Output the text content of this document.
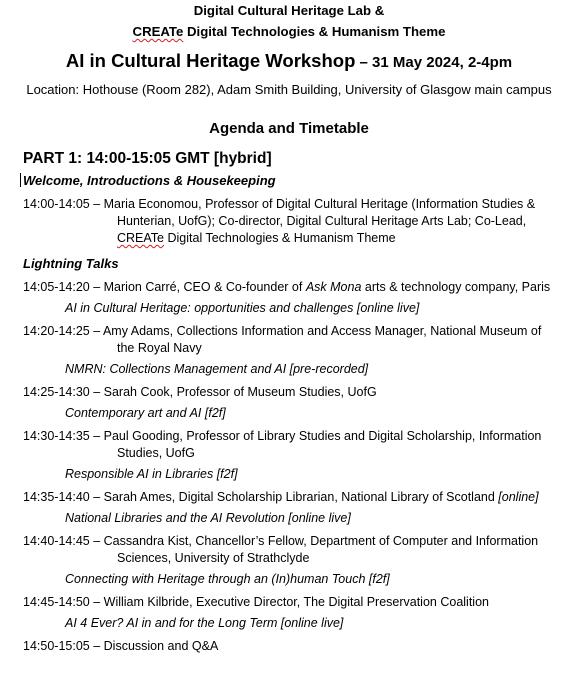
Digital Cultural Heritage Lab &
CREATe Digital Technologies & Humanism Theme
AI in Cultural Heritage Workshop – 31 May 2024, 2-4pm
Location: Hothouse (Room 282), Adam Smith Building, University of Glasgow main campus
Agenda and Timetable
PART 1: 14:00-15:05 GMT [hybrid]
Welcome, Introductions & Housekeeping
14:00-14:05 – Maria Economou, Professor of Digital Cultural Heritage (Information Studies & Hunterian, UofG); Co-director, Digital Cultural Heritage Arts Lab; Co-Lead, CREATe Digital Technologies & Humanism Theme
Lightning Talks
14:05-14:20 – Marion Carré, CEO & Co-founder of Ask Mona arts & technology company, Paris
AI in Cultural Heritage: opportunities and challenges [online live]
14:20-14:25 – Amy Adams, Collections Information and Access Manager, National Museum of the Royal Navy
NMRN: Collections Management and AI [pre-recorded]
14:25-14:30 – Sarah Cook, Professor of Museum Studies, UofG
Contemporary art and AI [f2f]
14:30-14:35 – Paul Gooding, Professor of Library Studies and Digital Scholarship, Information Studies, UofG
Responsible AI in Libraries [f2f]
14:35-14:40 – Sarah Ames, Digital Scholarship Librarian, National Library of Scotland [online]
National Libraries and the AI Revolution [online live]
14:40-14:45 – Cassandra Kist, Chancellor’s Fellow, Department of Computer and Information Sciences, University of Strathclyde
Connecting with Heritage through an (In)human Touch [f2f]
14:45-14:50 – William Kilbride, Executive Director, The Digital Preservation Coalition
AI 4 Ever? AI in and for the Long Term [online live]
14:50-15:05 – Discussion and Q&A
